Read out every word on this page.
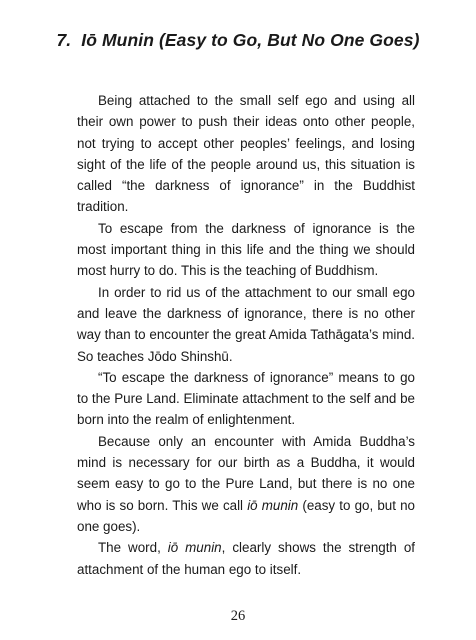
7. Iō Munin (Easy to Go, But No One Goes)

Being attached to the small self ego and using all their own power to push their ideas onto other people, not trying to accept other peoples’ feelings, and losing sight of the life of the people around us, this situation is called “the darkness of ignorance” in the Buddhist tradition.

To escape from the darkness of ignorance is the most important thing in this life and the thing we should most hurry to do. This is the teaching of Buddhism.

In order to rid us of the attachment to our small ego and leave the darkness of ignorance, there is no other way than to encounter the great Amida Tathāgata’s mind. So teaches Jōdo Shinshū.

“To escape the darkness of ignorance” means to go to the Pure Land. Eliminate attachment to the self and be born into the realm of enlightenment.

Because only an encounter with Amida Buddha’s mind is necessary for our birth as a Buddha, it would seem easy to go to the Pure Land, but there is no one who is so born. This we call iō munin (easy to go, but no one goes).

The word, iō munin, clearly shows the strength of attachment of the human ego to itself.

26
